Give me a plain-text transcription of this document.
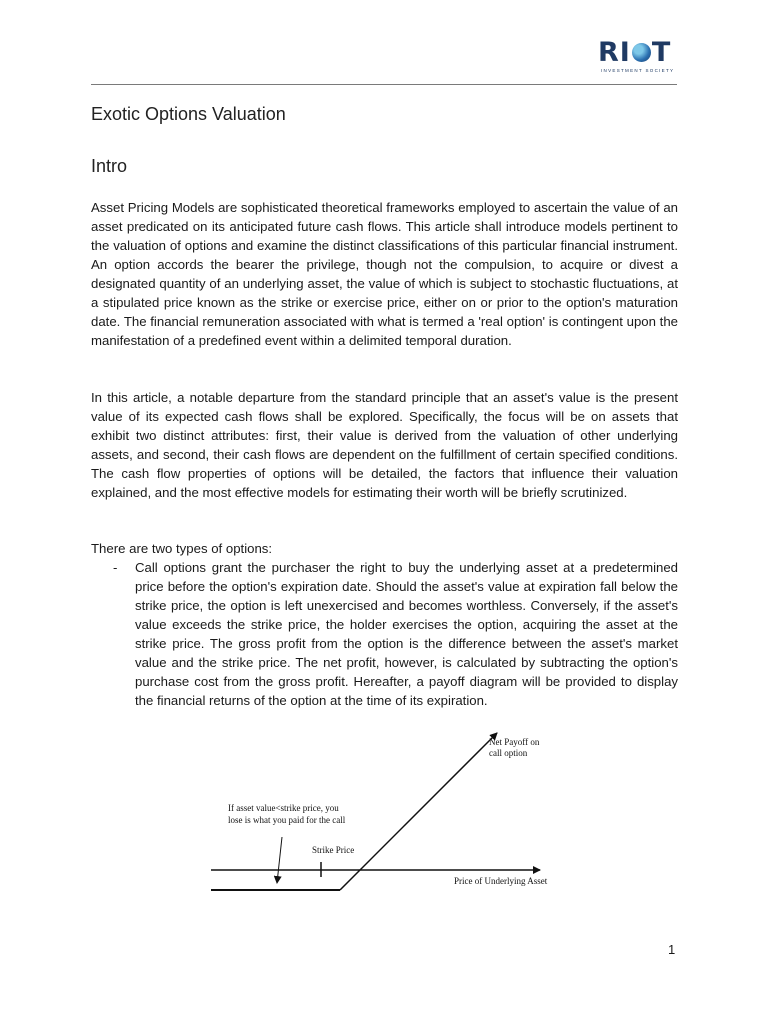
RI T
INVESTMENT SOCIETY
Exotic Options Valuation
Intro

Asset Pricing Models are sophisticated theoretical frameworks employed to ascertain the value of an asset predicated on its anticipated future cash flows. This article shall introduce models pertinent to the valuation of options and examine the distinct classifications of this particular financial instrument. An option accords the bearer the privilege, though not the compulsion, to acquire or divest a designated quantity of an underlying asset, the value of which is subject to stochastic fluctuations, at a stipulated price known as the strike or exercise price, either on or prior to the option's maturation date. The financial remuneration associated with what is termed a 'real option' is contingent upon the manifestation of a predefined event within a delimited temporal duration.

In this article, a notable departure from the standard principle that an asset's value is the present value of its expected cash flows shall be explored. Specifically, the focus will be on assets that exhibit two distinct attributes: first, their value is derived from the valuation of other underlying assets, and second, their cash flows are dependent on the fulfillment of certain specified conditions. The cash flow properties of options will be detailed, the factors that influence their valuation explained, and the most effective models for estimating their worth will be briefly scrutinized.

There are two types of options:

- Call options grant the purchaser the right to buy the underlying asset at a predetermined price before the option's expiration date. Should the asset's value at expiration fall below the strike price, the option is left unexercised and becomes worthless. Conversely, if the asset's value exceeds the strike price, the holder exercises the option, acquiring the asset at the strike price. The gross profit from the option is the difference between the asset's market value and the strike price. The net profit, however, is calculated by subtracting the option's purchase cost from the gross profit. Hereafter, a payoff diagram will be provided to display the financial returns of the option at the time of its expiration.

Net Payoff on
call option
If asset value<strike price, you
lose is what you paid for the call
Strike Price
Price of Underlying Asset
1
